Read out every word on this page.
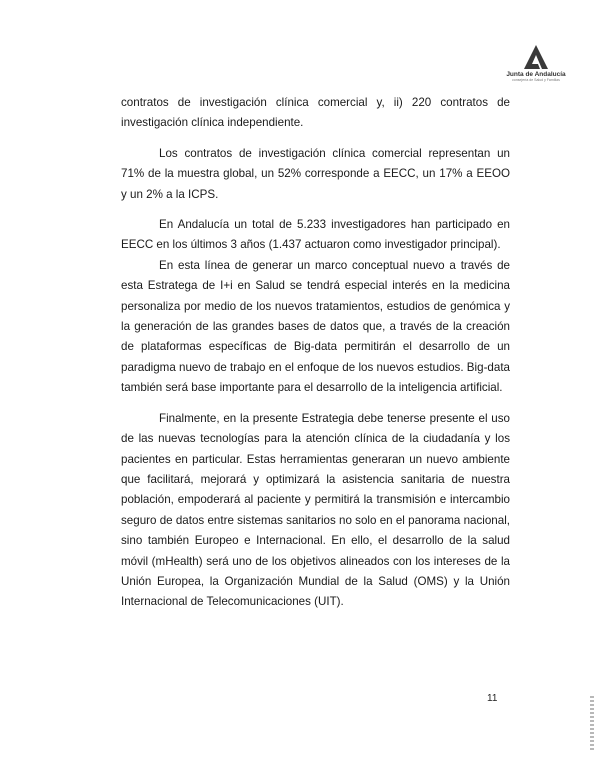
Junta de Andalucía
consejería de Salud y Familias

contratos de investigación clínica comercial y, ii) 220 contratos de investigación clínica independiente.

Los contratos de investigación clínica comercial representan un 71% de la muestra global, un 52% corresponde a EECC, un 17% a EEOO y un 2% a la ICPS.

En Andalucía un total de 5.233 investigadores han participado en EECC en los últimos 3 años (1.437 actuaron como investigador principal).

En esta línea de generar un marco conceptual nuevo a través de esta Estratega de I+i en Salud se tendrá especial interés en la medicina personaliza por medio de los nuevos tratamientos, estudios de genómica y la generación de las grandes bases de datos que, a través de la creación de plataformas específicas de Big-data permitirán el desarrollo de un paradigma nuevo de trabajo en el enfoque de los nuevos estudios. Big-data también será base importante para el desarrollo de la inteligencia artificial.

Finalmente, en la presente Estrategia debe tenerse presente el uso de las nuevas tecnologías para la atención clínica de la ciudadanía y los pacientes en particular. Estas herramientas generaran un nuevo ambiente que facilitará, mejorará y optimizará la asistencia sanitaria de nuestra población, empoderará al paciente y permitirá la transmisión e intercambio seguro de datos entre sistemas sanitarios no solo en el panorama nacional, sino también Europeo e Internacional. En ello, el desarrollo de la salud móvil (mHealth) será uno de los objetivos alineados con los intereses de la Unión Europea, la Organización Mundial de la Salud (OMS) y la Unión Internacional de Telecomunicaciones (UIT).

11
